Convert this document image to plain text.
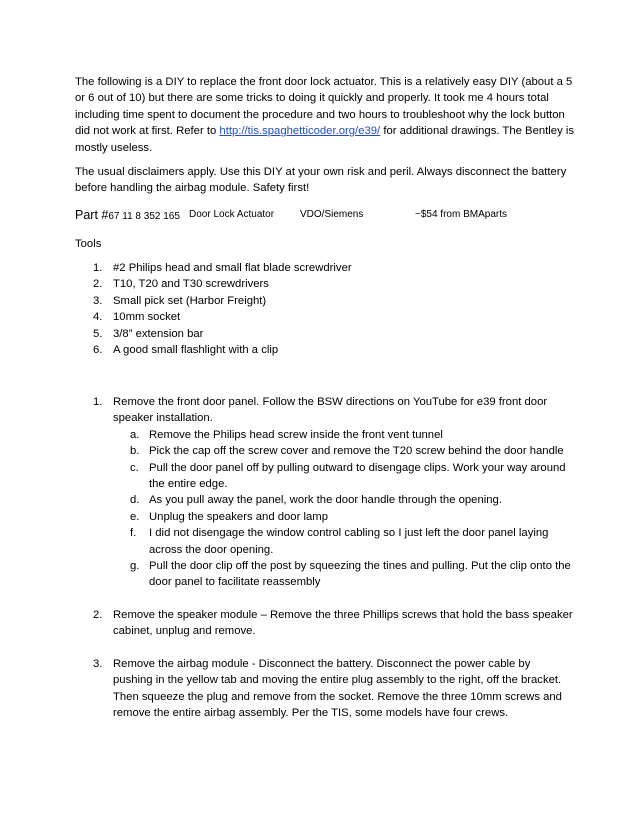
The following is a DIY to replace the front door lock actuator. This is a relatively easy DIY (about a 5 or 6 out of 10) but there are some tricks to doing it quickly and properly. It took me 4 hours total including time spent to document the procedure and two hours to troubleshoot why the lock button did not work at first. Refer to http://tis.spaghetticoder.org/e39/ for additional drawings. The Bentley is mostly useless.

The usual disclaimers apply. Use this DIY at your own risk and peril. Always disconnect the battery before handling the airbag module. Safety first!

Part #67 11 8 352 165 Door Lock Actuator	VDO/Siemens	~$54 from BMAparts
Tools
1. #2 Philips head and small flat blade screwdriver
2. T10, T20 and T30 screwdrivers
3. Small pick set (Harbor Freight)
4. 10mm socket
5. 3/8” extension bar
6. A good small flashlight with a clip
1. Remove the front door panel. Follow the BSW directions on YouTube for e39 front door speaker installation.

a. Remove the Philips head screw inside the front vent tunnel
b. Pick the cap off the screw cover and remove the T20 screw behind the door handle
c. Pull the door panel off by pulling outward to disengage clips. Work your way around the entire edge.
d. As you pull away the panel, work the door handle through the opening.
e. Unplug the speakers and door lamp
f. I did not disengage the window control cabling so I just left the door panel laying across the door opening.
g. Pull the door clip off the post by squeezing the tines and pulling. Put the clip onto the door panel to facilitate reassembly
2. Remove the speaker module – Remove the three Phillips screws that hold the bass speaker cabinet, unplug and remove.

3. Remove the airbag module - Disconnect the battery. Disconnect the power cable by pushing in the yellow tab and moving the entire plug assembly to the right, off the bracket. Then squeeze the plug and remove from the socket. Remove the three 10mm screws and remove the entire airbag assembly. Per the TIS, some models have four crews.
